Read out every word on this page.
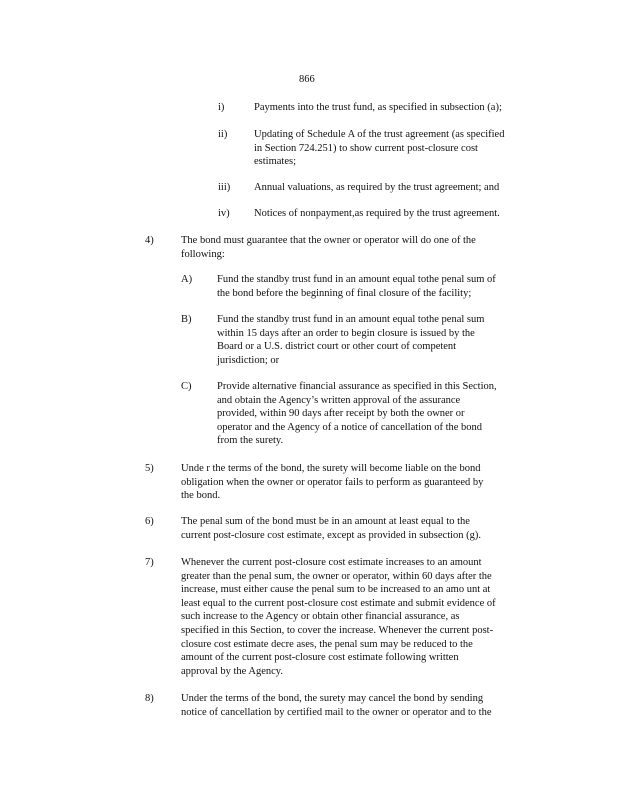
866
i)	Payments into the trust fund, as specified in subsection (a);
ii)	Updating of Schedule A of the trust agreement (as specified
in Section 724.251) to show current post-closure cost
estimates;
iii) Annual valuations, as required by the trust agreement; and
iv) Notices of nonpayment,as required by the trust agreement.
4)	The bond must guarantee that the owner or operator will do one of the
following:
A) Fund the standby trust fund in an amount equal tothe penal sum of
the bond before the beginning of final closure of the facility;
B) Fund the standby trust fund in an amount equal tothe penal sum
within 15 days after an order to begin closure is issued by the
Board or a U.S. district court or other court of competent
jurisdiction; or
C) Provide alternative financial assurance as specified in this Section,
and obtain the Agency’s written approval of the assurance
provided, within 90 days after receipt by both the owner or
operator and the Agency of a notice of cancellation of the bond
from the surety.
5)	Unde r the terms of the bond, the surety will become liable on the bond
obligation when the owner or operator fails to perform as guaranteed by
the bond.
6)	The penal sum of the bond must be in an amount at least equal to the
current post-closure cost estimate, except as provided in subsection (g).
7)	Whenever the current post-closure cost estimate increases to an amount
greater than the penal sum, the owner or operator, within 60 days after the
increase, must either cause the penal sum to be increased to an amo unt at
least equal to the current post-closure cost estimate and submit evidence of
such increase to the Agency or obtain other financial assurance, as
specified in this Section, to cover the increase. Whenever the current post-
closure cost estimate decre ases, the penal sum may be reduced to the
amount of the current post-closure cost estimate following written
approval by the Agency.
8)	Under the terms of the bond, the surety may cancel the bond by sending
notice of cancellation by certified mail to the owner or operator and to the
